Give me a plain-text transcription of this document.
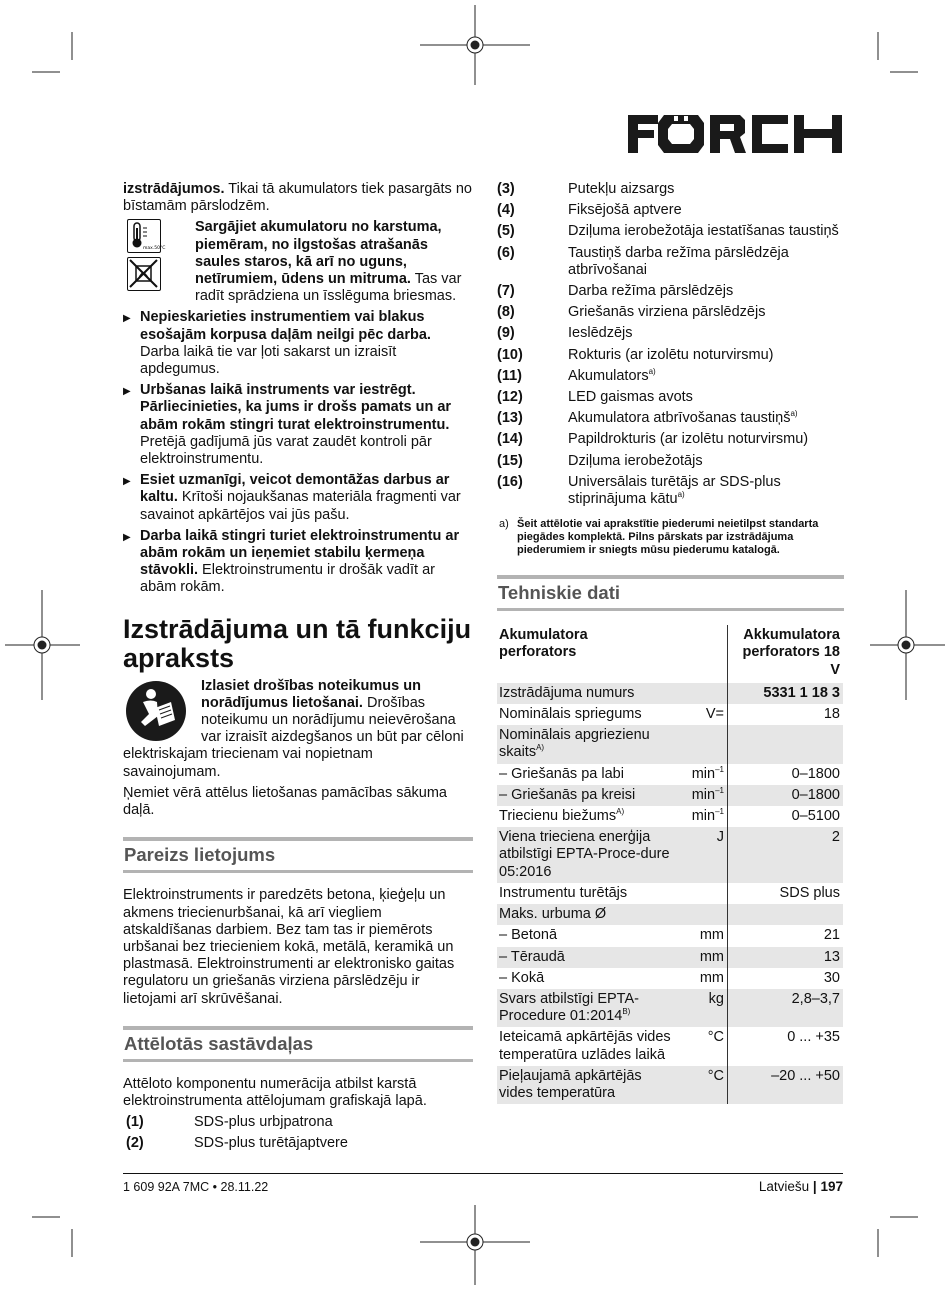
izstrādājumos. Tikai tā akumulators tiek pasargāts no bīstamām pārslodzēm.

max.50°C

Sargājiet akumulatoru no karstuma, piemēram, no ilgstošas atrašanās saules staros, kā arī no uguns, netīrumiem, ūdens un mitruma. Tas var radīt sprādziena un īsslēguma briesmas.

▶ Nepieskarieties instrumentiem vai blakus esošajām korpusa daļām neilgi pēc darba. Darba laikā tie var ļoti sakarst un izraisīt apdegumus.
▶ Urbšanas laikā instruments var iestrēgt. Pārliecinieties, ka jums ir drošs pamats un ar abām rokām stingri turat elektroinstrumentu. Pretējā gadījumā jūs varat zaudēt kontroli pār elektroinstrumentu.
▶ Esiet uzmanīgi, veicot demontāžas darbus ar kaltu. Krītoši nojaukšanas materiāla fragmenti var savainot apkārtējos vai jūs pašu.
▶ Darba laikā stingri turiet elektroinstrumentu ar abām rokām un ieņemiet stabilu ķermeņa stāvokli. Elektroinstrumentu ir drošāk vadīt ar abām rokām.
Izstrādājuma un tā funkciju apraksts

Izlasiet drošības noteikumus un norādījumus lietošanai. Drošības noteikumu un norādījumu neievērošana var izraisīt aizdegšanos un būt par cēloni elektriskajam triecienam vai nopietnam savainojumam.

Ņemiet vērā attēlus lietošanas pamācības sākuma daļā.

Pareizs lietojums

Elektroinstruments ir paredzēts betona, ķieģeļu un akmens triecienurbšanai, kā arī viegliem atskaldīšanas darbiem. Bez tam tas ir piemērots urbšanai bez triecieniem kokā, metālā, keramikā un plastmasā. Elektroinstrumenti ar elektronisko gaitas regulatoru un griešanās virziena pārslēdzēju ir lietojami arī skrūvēšanai.

Attēlotās sastāvdaļas

Attēloto komponentu numerācija atbilst karstā elektroinstrumenta attēlojumam grafiskajā lapā.

(1)	SDS-plus urbjpatrona
(2)	SDS-plus turētājaptvere
(3)	Putekļu aizsargs
(4)	Fiksējošā aptvere
(5)	Dziļuma ierobežotāja iestatīšanas taustiņš
(6)	Taustiņš darba režīma pārslēdzēja atbrīvošanai
(7)	Darba režīma pārslēdzējs
(8)	Griešanās virziena pārslēdzējs
(9)	Ieslēdzējs
(10)	Rokturis (ar izolētu noturvirsmu)
(11)	Akumulators$^{a)}$
(12)	LED gaismas avots
(13)	Akumulatora atbrīvošanas taustiņš$^{a)}$
(14)	Papildrokturis (ar izolētu noturvirsmu)
(15)	Dziļuma ierobežotājs
(16)	Universālais turētājs ar SDS-plus stiprinājuma kātu$^{a)}$
a) Šeit attēlotie vai aprakstītie piederumi neietilpst standarta piegādes komplektā. Pilns pārskats par izstrādājuma piederumiem ir sniegts mūsu piederumu katalogā.
Tehniskie dati
Akumulatora perforators		Akkumulatora perforators 18 V
Izstrādājuma numurs		5331 1 18 3
Nominālais spriegums	V=	18
Nominālais apgriezienu skaits$^{A)}$		
– Griešanās pa labi	$\min^{-1}$	0–1800
– Griešanās pa kreisi	$\min^{-1}$	0–1800
Triecienu biežums$^{A)}$	$\min^{-1}$	0–5100
Viena trieciena enerģija atbilstīgi EPTA-Proce-dure 05:2016	J	2
Instrumentu turētājs		SDS plus
Maks. urbuma Ø		
– Betonā	mm	21
– Tēraudā	mm	13
– Kokā	mm	30
Svars atbilstīgi EPTA-Procedure $01:2014^{B)}$	kg	2,8–3,7
Ieteicamā apkārtējās vides temperatūra uzlādes laikā	°C	0 ... +35
Pieļaujamā apkārtējās vides temperatūra	°C	–20 ... +50
1 609 92A 7MC • 28.11.22	Latviešu | 197
